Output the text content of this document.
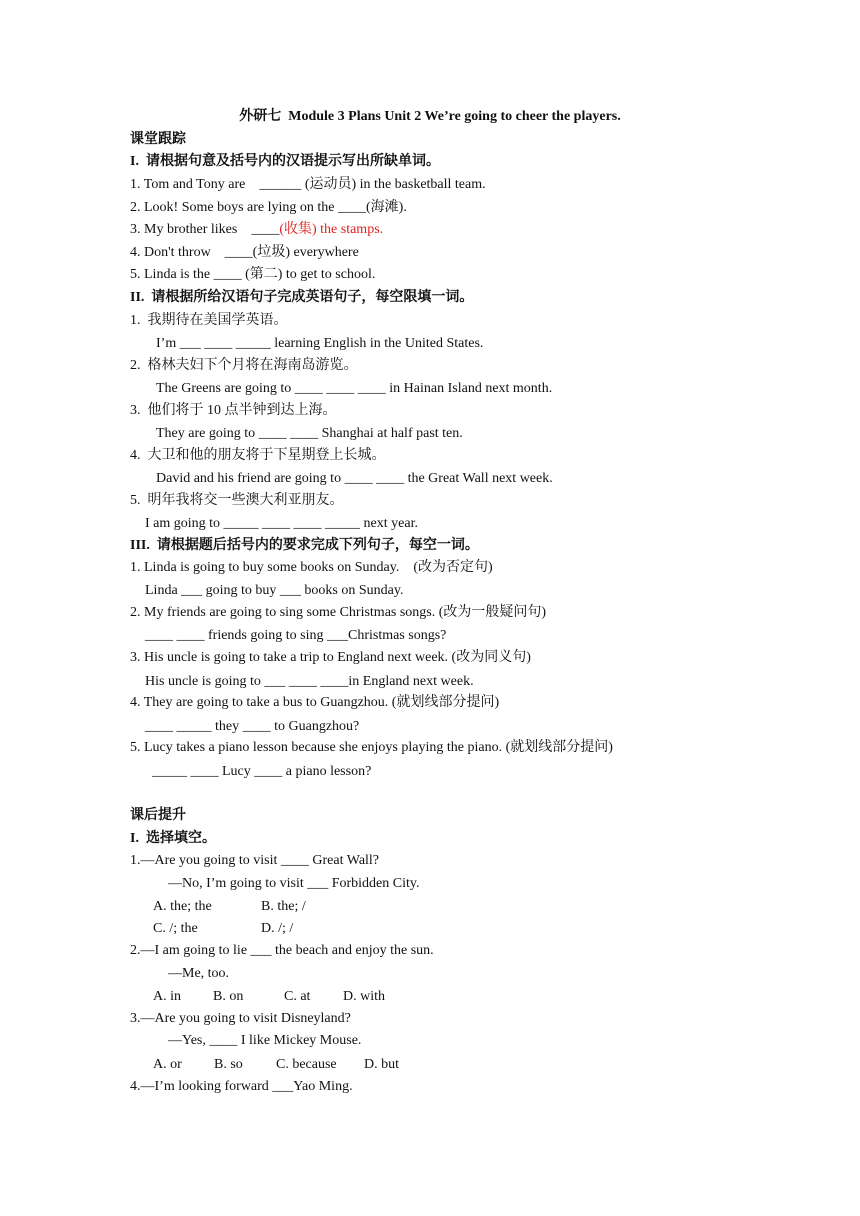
外研七  Module 3 Plans Unit 2 We’re going to cheer the players.
课堂跟踪
I.  请根据句意及括号内的汉语提示写出所缺单词。
1. Tom and Tony are    ______ (运动员) in the basketball team.
2. Look! Some boys are lying on the ____(海滩).
3. My brother likes    ____(收集) the stamps.
4. Don't throw    ____(垃圾) everywhere
5. Linda is the ____ (第二) to get to school.
II.  请根据所给汉语句子完成英语句子，每空限填一词。
1.  我期待在美国学英语。
I’m ___ ____ _____ learning English in the United States.
2.  格林夫妇下个月将在海南岛游览。
The Greens are going to ____ ____ ____ in Hainan Island next month.
3.  他们将于 10 点半钟到达上海。
They are going to ____ ____ Shanghai at half past ten.
4.  大卫和他的朋友将于下星期登上长城。
David and his friend are going to ____ ____ the Great Wall next week.
5.  明年我将交一些澳大利亚朋友。
I am going to _____ ____ ____ _____ next year.
III.  请根据题后括号内的要求完成下列句子，每空一词。
1. Linda is going to buy some books on Sunday.    (改为否定句)
Linda ___ going to buy ___ books on Sunday.
2. My friends are going to sing some Christmas songs. (改为一般疑问句)
____ ____ friends going to sing ___Christmas songs?
3. His uncle is going to take a trip to England next week. (改为同义句)
His uncle is going to ___ ____ ____in England next week.
4. They are going to take a bus to Guangzhou. (就划线部分提问)
____ _____ they ____ to Guangzhou?
5. Lucy takes a piano lesson because she enjoys playing the piano. (就划线部分提问)
_____ ____ Lucy ____ a piano lesson?
课后提升
I.  选择填空。
1.—Are you going to visit ____ Great Wall?
—No, I’m going to visit ___ Forbidden City.
A. the; the	B. the; /
C. /; the	D. /; /
2.—I am going to lie ___ the beach and enjoy the sun.
—Me, too.
A. in B. on	C. at D. with
3.—Are you going to visit Disneyland?
—Yes, ____ I like Mickey Mouse.
A. or B. so C. because D. but
4.—I’m looking forward ___Yao Ming.
